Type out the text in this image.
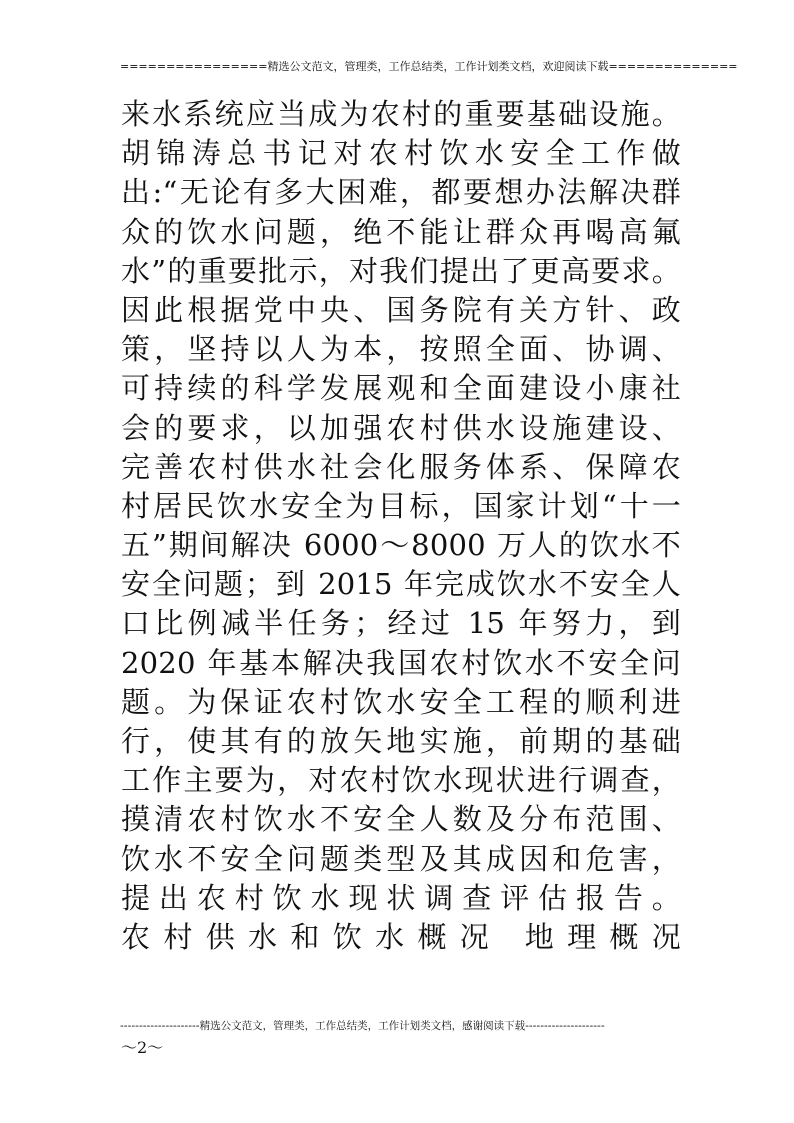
================精选公文范文，管理类，工作总结类，工作计划类文档，欢迎阅读下载==============
来水系统应当成为农村的重要基础设施。
胡锦涛总书记对农村饮水安全工作做
出:“无论有多大困难，都要想办法解决群
众的饮水问题，绝不能让群众再喝高氟
水”的重要批示，对我们提出了更高要求。
因此根据党中央、国务院有关方针、政
策，坚持以人为本，按照全面、协调、
可持续的科学发展观和全面建设小康社
会的要求，以加强农村供水设施建设、
完善农村供水社会化服务体系、保障农
村居民饮水安全为目标，国家计划“十一
五”期间解决 6000～8000 万人的饮水不
安全问题；到 2015 年完成饮水不安全人
口比例减半任务；经过 15 年努力，到
2020 年基本解决我国农村饮水不安全问
题。为保证农村饮水安全工程的顺利进
行，使其有的放矢地实施，前期的基础
工作主要为，对农村饮水现状进行调查，
摸清农村饮水不安全人数及分布范围、
饮水不安全问题类型及其成因和危害，
提出农村饮水现状调查评估报告。
农村供水和饮水概况 地理概况
---------------------精选公文范文，管理类，工作总结类，工作计划类文档，感谢阅读下载---------------------
～2～
